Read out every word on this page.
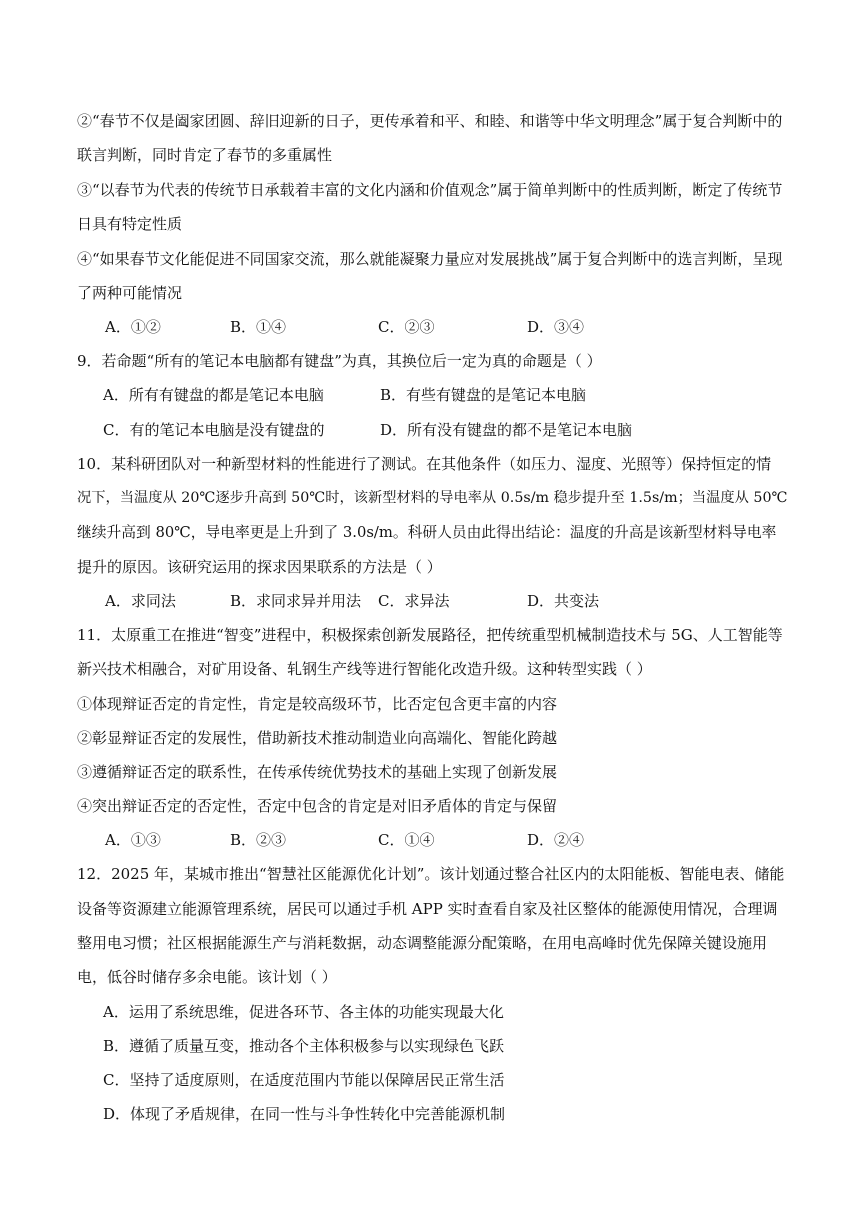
②“春节不仅是阖家团圆、辞旧迎新的日子，更传承着和平、和睦、和谐等中华文明理念”属于复合判断中的
联言判断，同时肯定了春节的多重属性
③“以春节为代表的传统节日承载着丰富的文化内涵和价值观念”属于简单判断中的性质判断，断定了传统节
日具有特定性质
④“如果春节文化能促进不同国家交流，那么就能凝聚力量应对发展挑战”属于复合判断中的选言判断，呈现
了两种可能情况
A．①②	B．①④	C．②③	D．③④
9．若命题“所有的笔记本电脑都有键盘”为真，其换位后一定为真的命题是（ ）
A．所有有键盘的都是笔记本电脑	B．有些有键盘的是笔记本电脑
C．有的笔记本电脑是没有键盘的	D．所有没有键盘的都不是笔记本电脑
10．某科研团队对一种新型材料的性能进行了测试。在其他条件（如压力、湿度、光照等）保持恒定的情
况下，当温度从 20℃逐步升高到 50℃时，该新型材料的导电率从 0.5s/m 稳步提升至 1.5s/m；当温度从 50℃
继续升高到 80℃，导电率更是上升到了 3.0s/m。科研人员由此得出结论：温度的升高是该新型材料导电率
提升的原因。该研究运用的探求因果联系的方法是（ ）
A．求同法	B．求同求异并用法 C．求异法	D．共变法
11．太原重工在推进“智变”进程中，积极探索创新发展路径，把传统重型机械制造技术与 5G、人工智能等
新兴技术相融合，对矿用设备、轧钢生产线等进行智能化改造升级。这种转型实践（ ）
①体现辩证否定的肯定性，肯定是较高级环节，比否定包含更丰富的内容
②彰显辩证否定的发展性，借助新技术推动制造业向高端化、智能化跨越
③遵循辩证否定的联系性，在传承传统优势技术的基础上实现了创新发展
④突出辩证否定的否定性，否定中包含的肯定是对旧矛盾体的肯定与保留
A．①③	B．②③	C．①④	D．②④
12．2025 年，某城市推出“智慧社区能源优化计划”。该计划通过整合社区内的太阳能板、智能电表、储能
设备等资源建立能源管理系统，居民可以通过手机 APP 实时查看自家及社区整体的能源使用情况，合理调
整用电习惯；社区根据能源生产与消耗数据，动态调整能源分配策略，在用电高峰时优先保障关键设施用
电，低谷时储存多余电能。该计划（ ）
A．运用了系统思维，促进各环节、各主体的功能实现最大化
B．遵循了质量互变，推动各个主体积极参与以实现绿色飞跃
C．坚持了适度原则，在适度范围内节能以保障居民正常生活
D．体现了矛盾规律，在同一性与斗争性转化中完善能源机制
